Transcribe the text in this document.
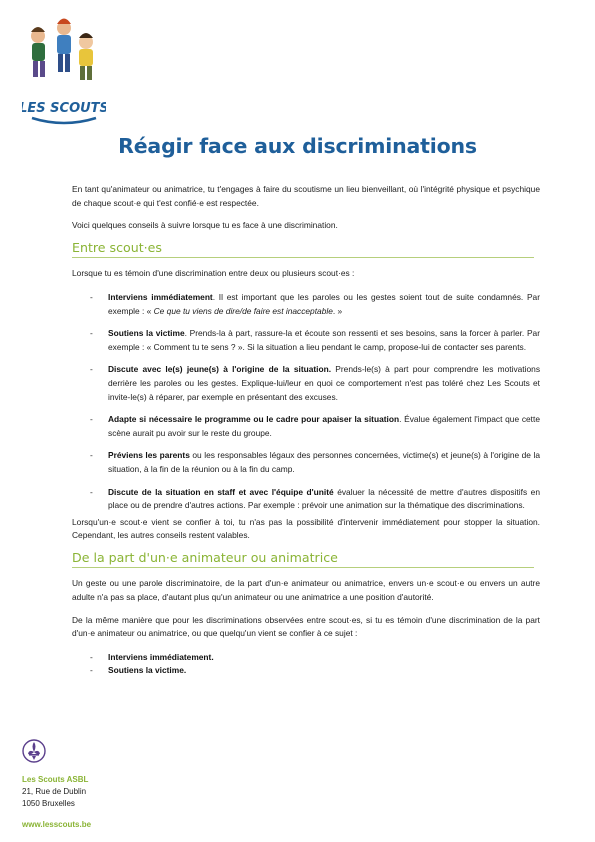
LES SCOUTS
Réagir face aux discriminations

En tant qu'animateur ou animatrice, tu t'engages à faire du scoutisme un lieu bienveillant, où l'intégrité physique et psychique de chaque scout·e qui t'est confié·e est respectée.

Voici quelques conseils à suivre lorsque tu es face à une discrimination.

Entre scout·es

Lorsque tu es témoin d'une discrimination entre deux ou plusieurs scout·es :

- Interviens immédiatement. Il est important que les paroles ou les gestes soient tout de suite condamnés. Par exemple : « Ce que tu viens de dire/de faire est inacceptable. »
- Soutiens la victime. Prends-la à part, rassure-la et écoute son ressenti et ses besoins, sans la forcer à parler. Par exemple : « Comment tu te sens ? ». Si la situation a lieu pendant le camp, propose-lui de contacter ses parents.
- Discute avec le(s) jeune(s) à l'origine de la situation. Prends-le(s) à part pour comprendre les motivations derrière les paroles ou les gestes. Explique-lui/leur en quoi ce comportement n'est pas toléré chez Les Scouts et invite-le(s) à réparer, par exemple en présentant des excuses.
- Adapte si nécessaire le programme ou le cadre pour apaiser la situation. Évalue également l'impact que cette scène aurait pu avoir sur le reste du groupe.
- Préviens les parents ou les responsables légaux des personnes concernées, victime(s) et jeune(s) à l'origine de la situation, à la fin de la réunion ou à la fin du camp.
- Discute de la situation en staff et avec l'équipe d'unité évaluer la nécessité de mettre d'autres dispositifs en place ou de prendre d'autres actions. Par exemple : prévoir une animation sur la thématique des discriminations.

Lorsqu'un·e scout·e vient se confier à toi, tu n'as pas la possibilité d'intervenir immédiatement pour stopper la situation. Cependant, les autres conseils restent valables.

De la part d'un·e animateur ou animatrice

Un geste ou une parole discriminatoire, de la part d'un·e animateur ou animatrice, envers un·e scout·e ou envers un autre adulte n'a pas sa place, d'autant plus qu'un animateur ou une animatrice a une position d'autorité.

De la même manière que pour les discriminations observées entre scout·es, si tu es témoin d'une discrimination de la part d'un·e animateur ou animatrice, ou que quelqu'un vient se confier à ce sujet :

- Interviens immédiatement.
- Soutiens la victime.
Les Scouts ASBL
21, Rue de Dublin
1050 Bruxelles
www.lesscouts.be
